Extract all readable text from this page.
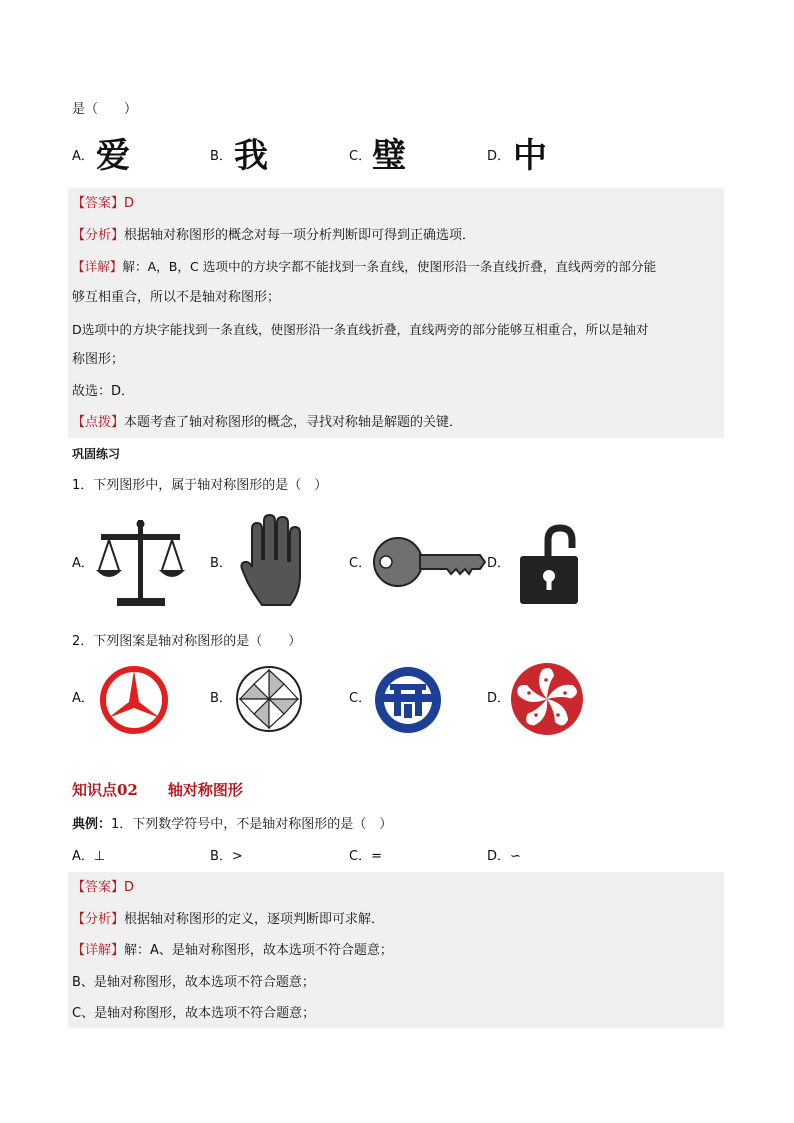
是（　　）
A． 爱	B． 我	C． 璧	D． 中
【答案】D
【分析】根据轴对称图形的概念对每一项分析判断即可得到正确选项．
【详解】解：A，B，C 选项中的方块字都不能找到一条直线，使图形沿一条直线折叠，直线两旁的部分能
够互相重合，所以不是轴对称图形；
D选项中的方块字能找到一条直线，使图形沿一条直线折叠，直线两旁的部分能够互相重合，所以是轴对
称图形；
故选：D．
【点拨】本题考查了轴对称图形的概念，寻找对称轴是解题的关键．
巩固练习
1．下列图形中，属于轴对称图形的是（　）
A．	B．	C．	D．
2．下列图案是轴对称图形的是（　　）
A．	B．	C．	D．
知识点02　　轴对称图形
典例：1．下列数学符号中，不是轴对称图形的是（　）
A．⊥	B．>	C．=	D．∽
【答案】D
【分析】根据轴对称图形的定义，逐项判断即可求解．
【详解】解：A、是轴对称图形，故本选项不符合题意；
B、是轴对称图形，故本选项不符合题意；
C、是轴对称图形，故本选项不符合题意；
